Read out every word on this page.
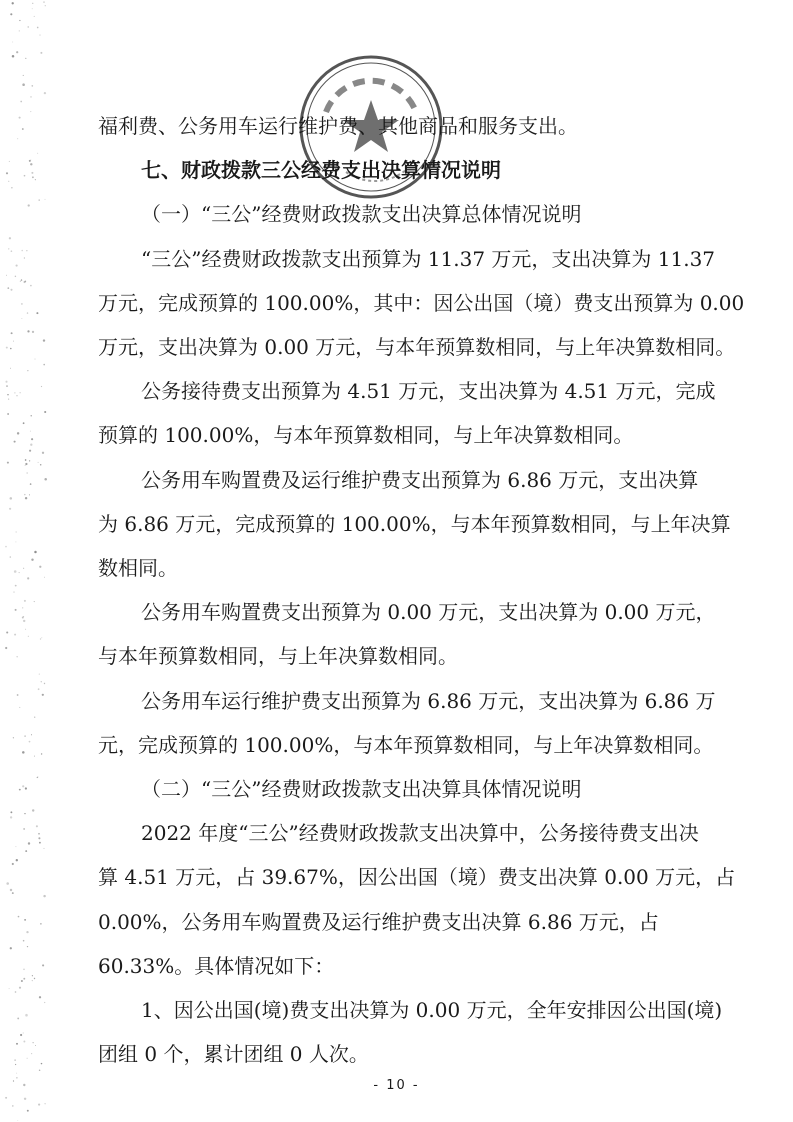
福利费、公务用车运行维护费、其他商品和服务支出。
七、财政拨款三公经费支出决算情况说明
（一）“三公”经费财政拨款支出决算总体情况说明
“三公”经费财政拨款支出预算为 11.37 万元，支出决算为 11.37
万元，完成预算的 100.00%，其中：因公出国（境）费支出预算为 0.00
万元，支出决算为 0.00 万元，与本年预算数相同，与上年决算数相同。
公务接待费支出预算为 4.51 万元，支出决算为 4.51 万元，完成
预算的 100.00%，与本年预算数相同，与上年决算数相同。
公务用车购置费及运行维护费支出预算为 6.86 万元，支出决算
为 6.86 万元，完成预算的 100.00%，与本年预算数相同，与上年决算
数相同。
公务用车购置费支出预算为 0.00 万元，支出决算为 0.00 万元，
与本年预算数相同，与上年决算数相同。
公务用车运行维护费支出预算为 6.86 万元，支出决算为 6.86 万
元，完成预算的 100.00%，与本年预算数相同，与上年决算数相同。
（二）“三公”经费财政拨款支出决算具体情况说明
2022 年度“三公”经费财政拨款支出决算中，公务接待费支出决
算 4.51 万元，占 39.67%，因公出国（境）费支出决算 0.00 万元，占
0.00%，公务用车购置费及运行维护费支出决算 6.86 万元，占
60.33%。具体情况如下：
1、因公出国(境)费支出决算为 0.00 万元，全年安排因公出国(境)
团组 0 个，累计团组 0 人次。
- 10 -
